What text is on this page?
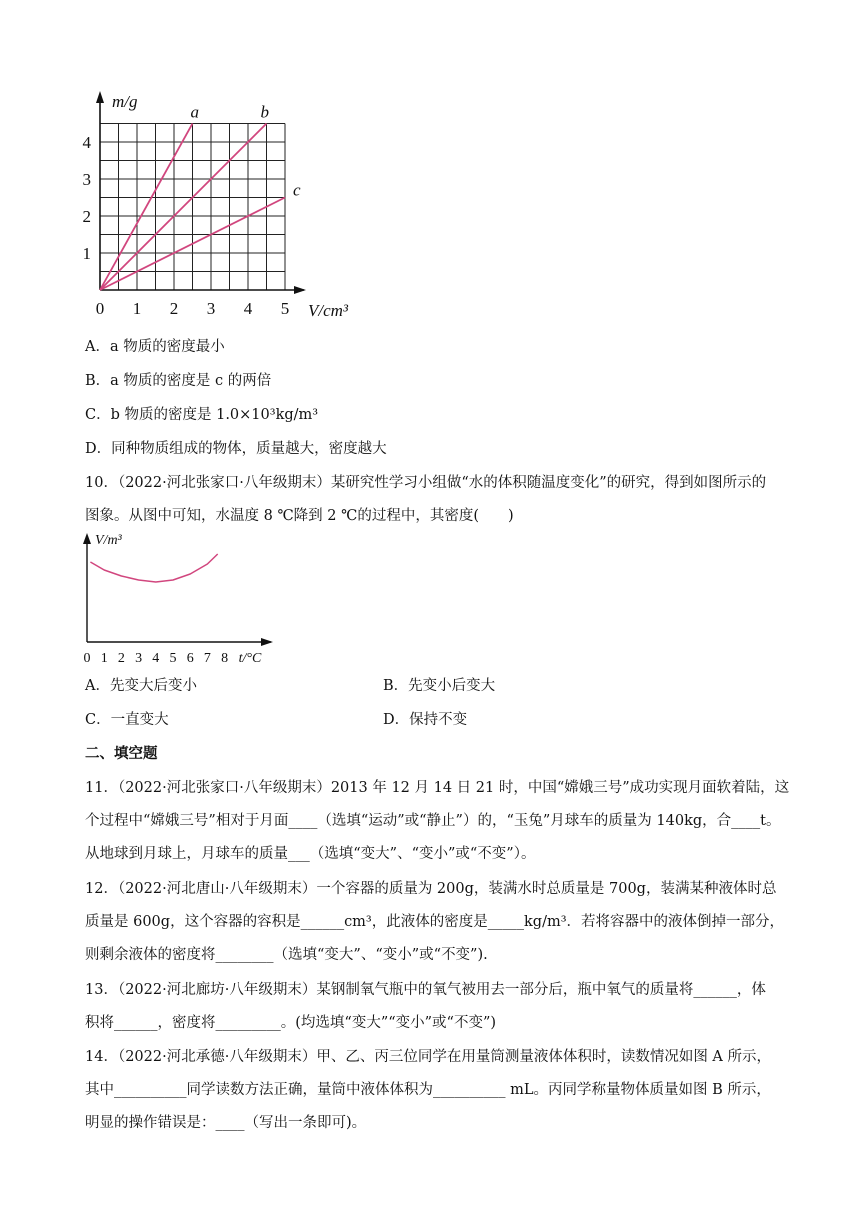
0 1 2 3 4 5
1
2
3
4
m/g
V/cm³
a	b
c
A．a 物质的密度最小
B．a 物质的密度是 c 的两倍
C．b 物质的密度是 1.0×10³kg/m³
D．同种物质组成的物体，质量越大，密度越大
10．（2022·河北张家口·八年级期末）某研究性学习小组做“水的体积随温度变化”的研究，得到如图所示的
图象。从图中可知，水温度 8 ℃降到 2 ℃的过程中，其密度(　　)
0 1 2 3 4 5 6 7 8 t/°C
V/m³
A．先变大后变小	B．先变小后变大
C．一直变大	D．保持不变
二、填空题
11．（2022·河北张家口·八年级期末）2013 年 12 月 14 日 21 时，中国“嫦娥三号”成功实现月面软着陆，这
个过程中“嫦娥三号”相对于月面____（选填“运动”或“静止”）的，“玉兔”月球车的质量为 140kg，合____t。
从地球到月球上，月球车的质量___（选填“变大”、“变小”或“不变”）。
12．（2022·河北唐山·八年级期末）一个容器的质量为 200g，装满水时总质量是 700g，装满某种液体时总
质量是 600g，这个容器的容积是______cm³，此液体的密度是_____kg/m³．若将容器中的液体倒掉一部分，
则剩余液体的密度将________（选填“变大”、“变小”或“不变”).
13．（2022·河北廊坊·八年级期末）某钢制氧气瓶中的氧气被用去一部分后，瓶中氧气的质量将______，体
积将______，密度将_________。(均选填“变大”“变小”或“不变”)
14．（2022·河北承德·八年级期末）甲、乙、丙三位同学在用量筒测量液体体积时，读数情况如图 A 所示，
其中__________同学读数方法正确，量筒中液体体积为__________ mL。丙同学称量物体质量如图 B 所示，
明显的操作错误是：____（写出一条即可)。
